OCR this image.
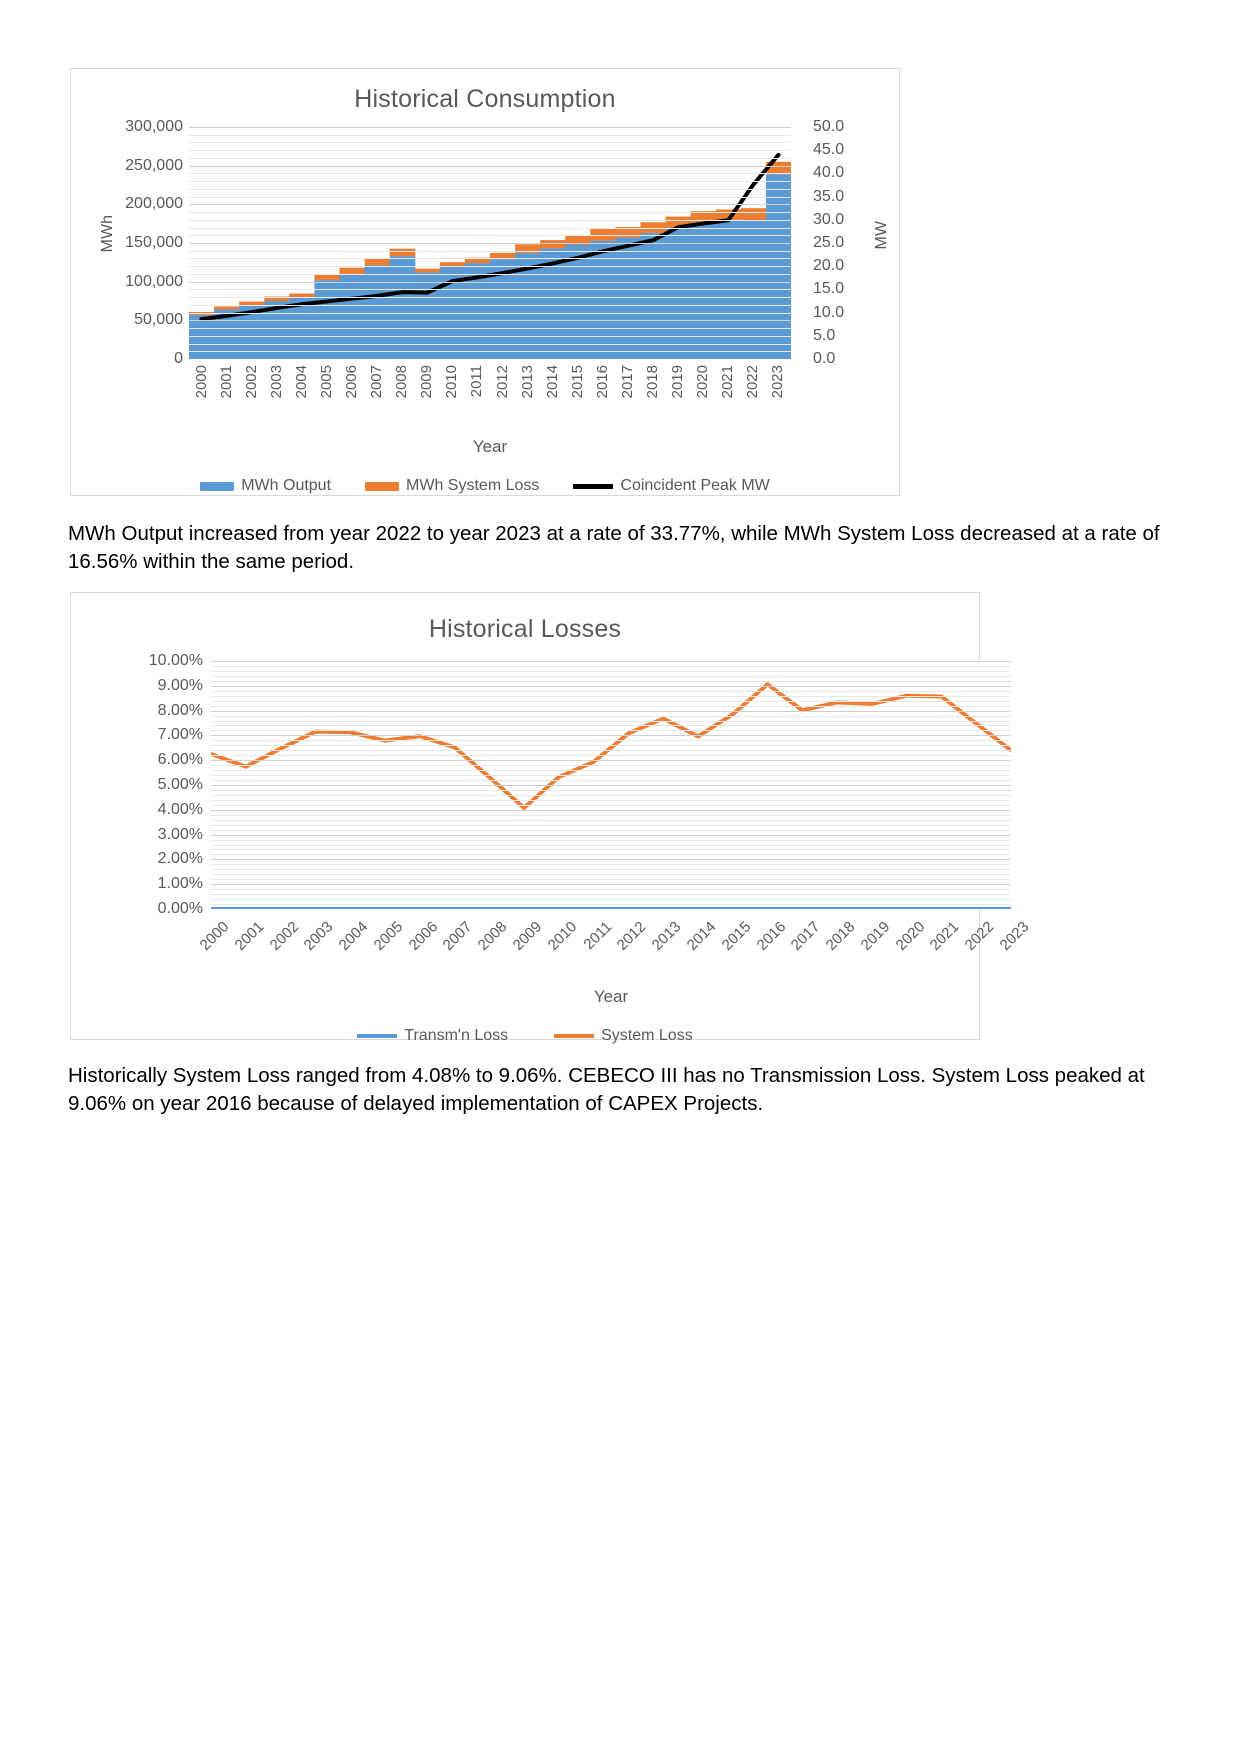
Historical Consumption
MWh	MW
0
50,000
100,000
150,000
200,000
250,000
300,000
0.0
5.0
10.0
15.0
20.0
25.0
30.0
35.0
40.0
45.0
50.0
2000 2001 2002 2003 2004 2005 2006 2007 2008 2009 2010 2011 2012 2013 2014 2015 2016 2017 2018 2019 2020 2021 2022 2023
Year
MWh Output	MWh System Loss	Coincident Peak MW
MWh Output increased from year 2022 to year 2023 at a rate of 33.77%, while MWh System Loss decreased at a rate of 16.56% within the same period.
Historical Losses
0.00%
1.00%
2.00%
3.00%
4.00%
5.00%
6.00%
7.00%
8.00%
9.00%
10.00%
2000 2001 2002 2003 2004 2005 2006 2007 2008 2009 2010 2011 2012 2013 2014 2015 2016 2017 2018 2019 2020 2021 2022 2023
Year
Transm'n Loss	System Loss
Historically System Loss ranged from 4.08% to 9.06%. CEBECO III has no Transmission Loss. System Loss peaked at 9.06% on year 2016 because of delayed implementation of CAPEX Projects.
